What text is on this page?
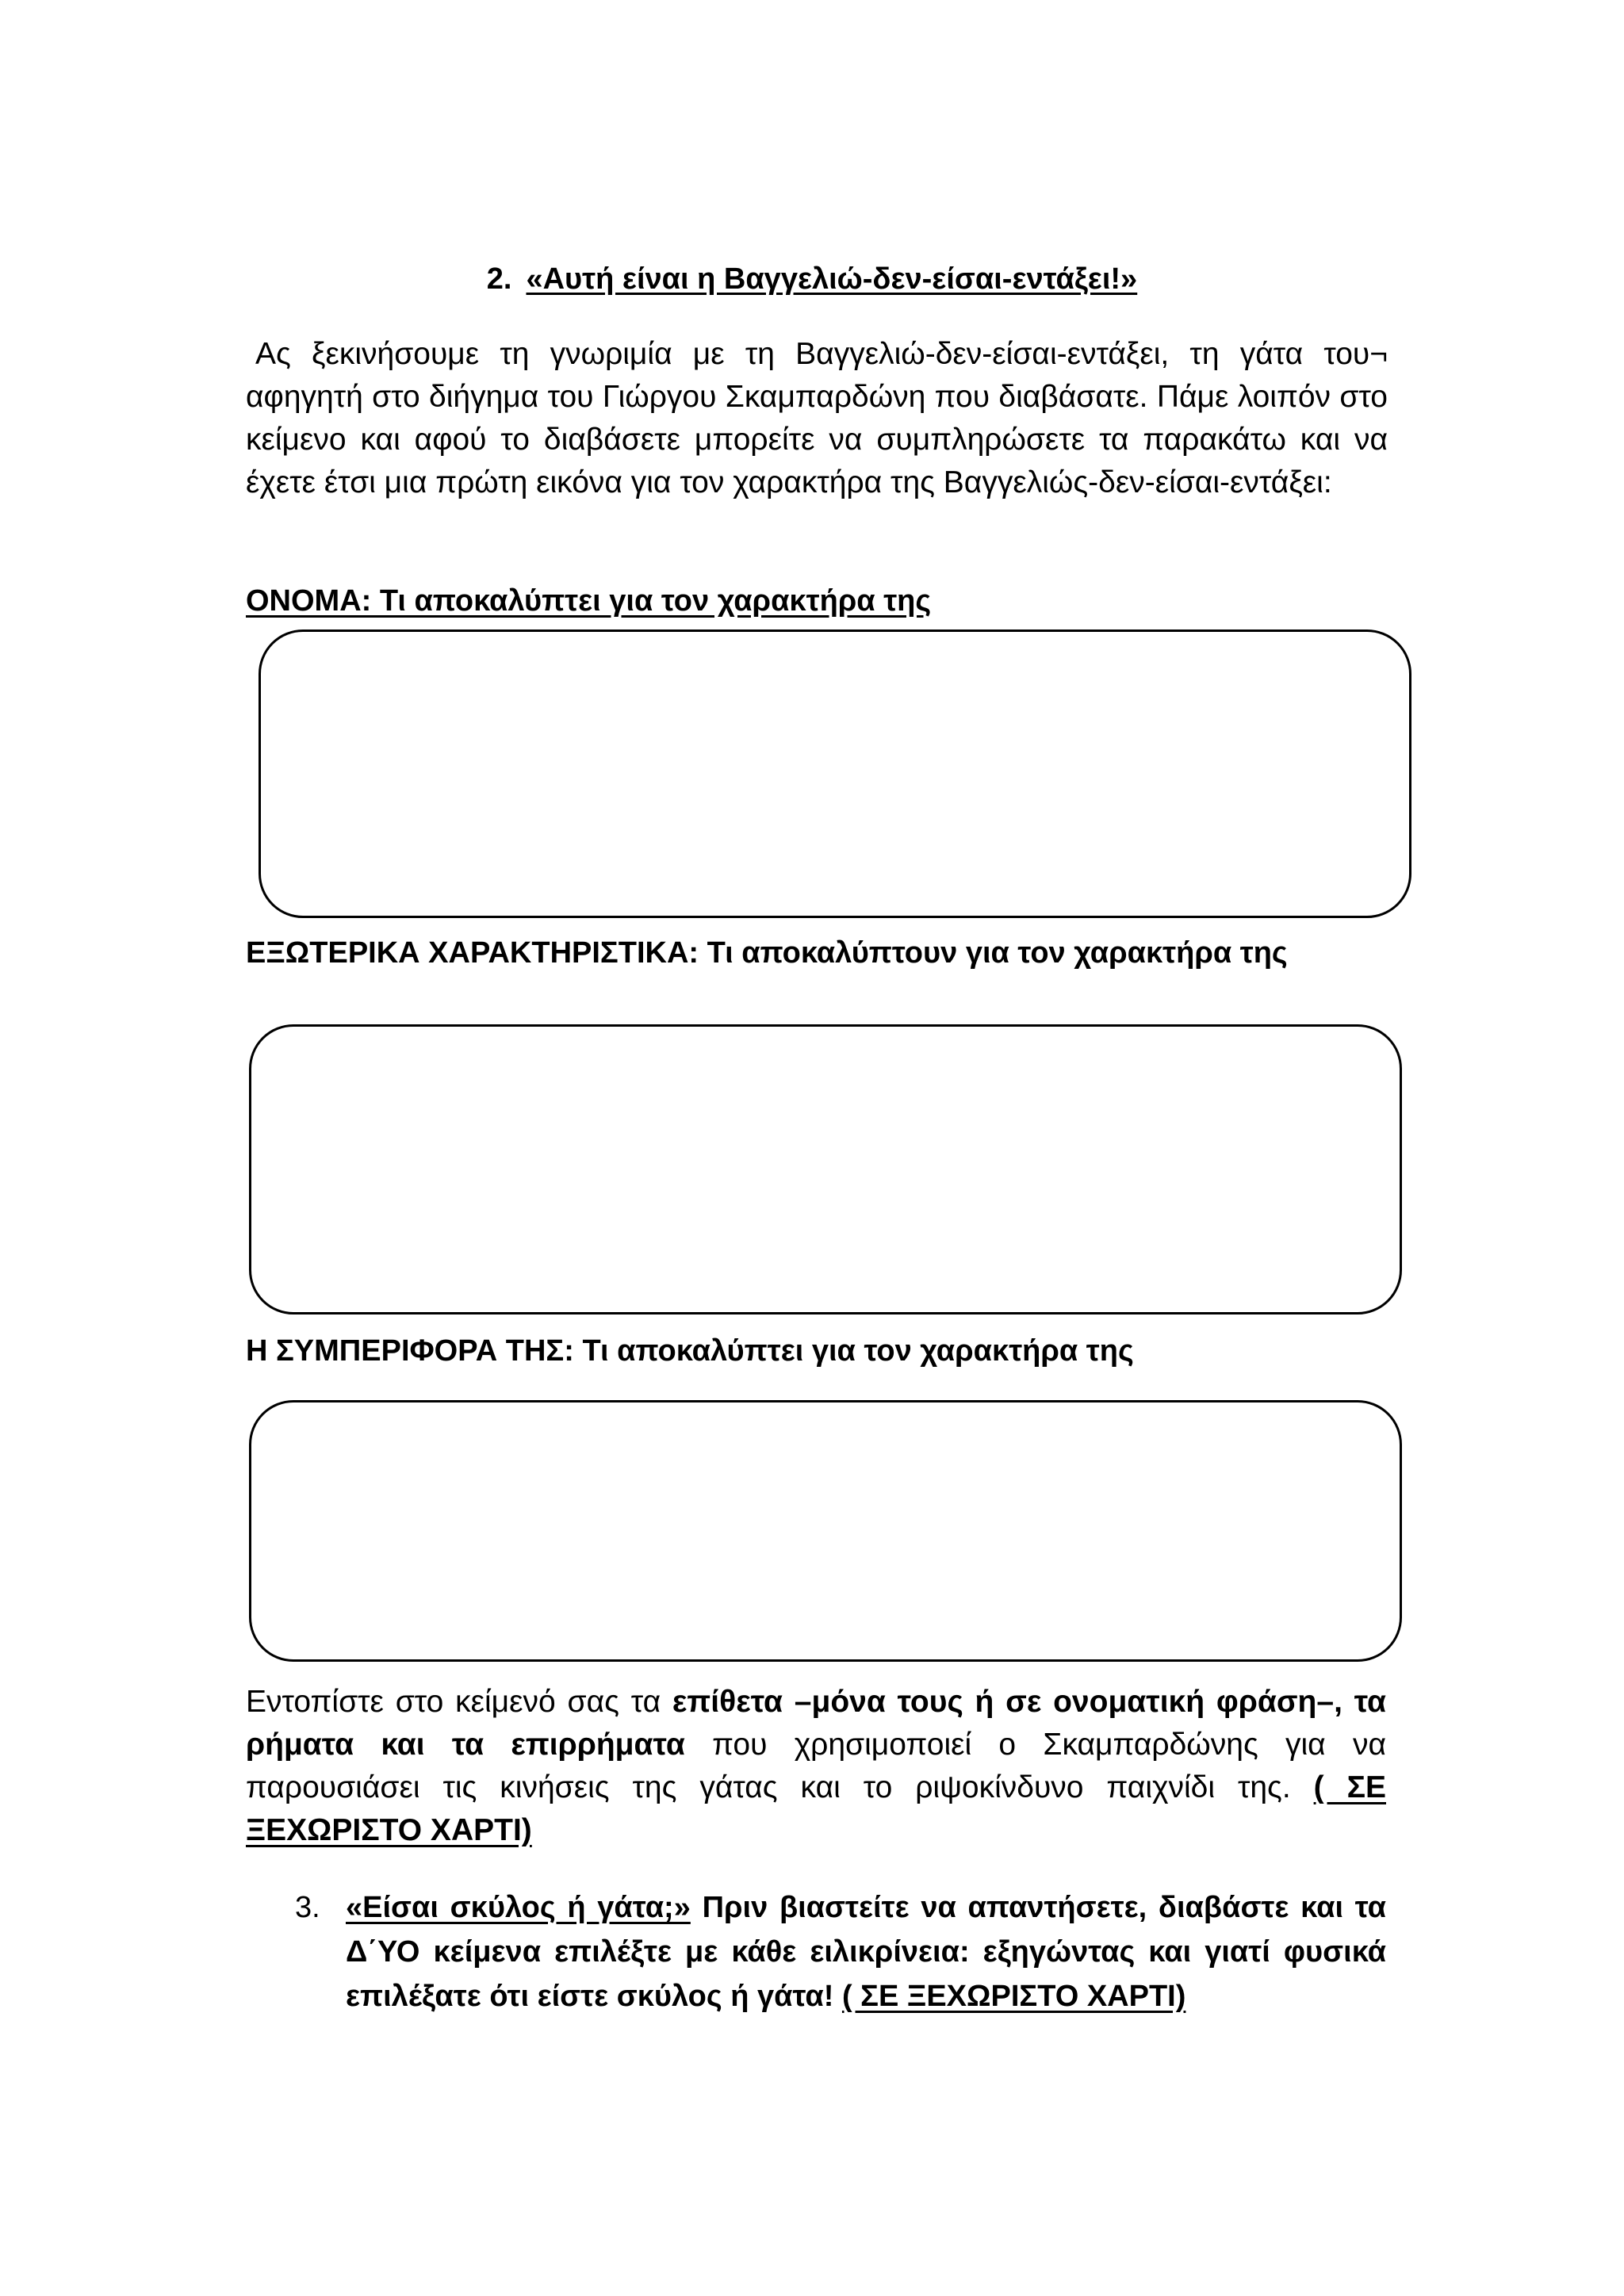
2. «Αυτή είναι η Βαγγελιώ-δεν-είσαι-εντάξει!»
Ας ξεκινήσουμε τη γνωριμία με τη Βαγγελιώ-δεν-είσαι-εντάξει, τη γάτα του¬ αφηγητή στο διήγημα του Γιώργου Σκαμπαρδώνη που διαβάσατε. Πάμε λοιπόν στο κείμενο και αφού το διαβάσετε μπορείτε να συμπληρώσετε τα παρακάτω και να έχετε έτσι μια πρώτη εικόνα για τον χαρακτήρα της Βαγγελιώς-δεν-είσαι-εντάξει:
ΟΝΟΜΑ: Τι αποκαλύπτει για τον χαρακτήρα της
ΕΞΩΤΕΡΙΚΑ ΧΑΡΑΚΤΗΡΙΣΤΙΚΑ: Τι αποκαλύπτουν για τον χαρακτήρα της
Η ΣΥΜΠΕΡΙΦΟΡΑ ΤΗΣ: Τι αποκαλύπτει για τον χαρακτήρα της
Εντοπίστε στο κείμενό σας τα επίθετα –μόνα τους ή σε ονοματική φράση–, τα ρήματα και τα επιρρήματα που χρησιμοποιεί ο Σκαμπαρδώνης για να παρουσιάσει τις κινήσεις της γάτας και το ριψοκίνδυνο παιχνίδι της. ( ΣΕ ΞΕΧΩΡΙΣΤΟ ΧΑΡΤΙ)
3. «Είσαι σκύλος ή γάτα;» Πριν βιαστείτε να απαντήσετε, διαβάστε και τα Δ΄ΥΟ κείμενα επιλέξτε με κάθε ειλικρίνεια: εξηγώντας και γιατί φυσικά επιλέξατε ότι είστε σκύλος ή γάτα! ( ΣΕ ΞΕΧΩΡΙΣΤΟ ΧΑΡΤΙ)
